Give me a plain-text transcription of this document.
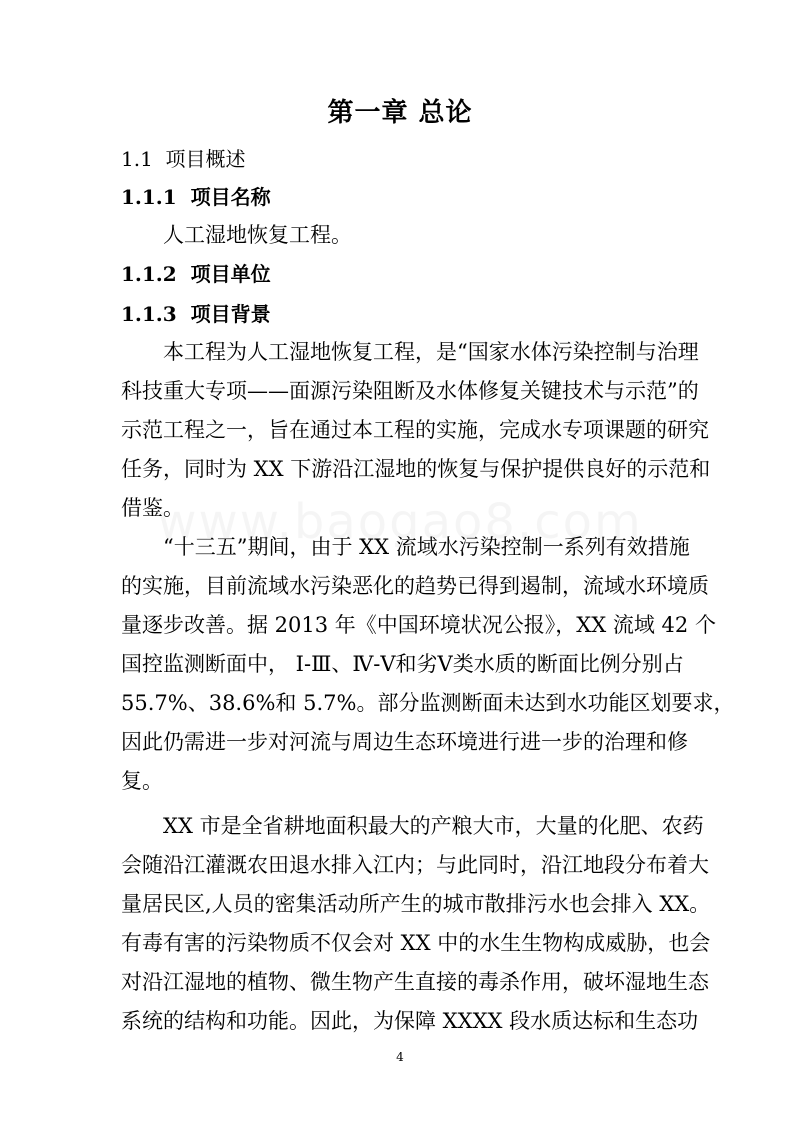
第一章 总论
1.1 项目概述
1.1.1 项目名称
人工湿地恢复工程。
1.1.2 项目单位
1.1.3 项目背景
本工程为人工湿地恢复工程，是“国家水体污染控制与治理
科技重大专项——面源污染阻断及水体修复关键技术与示范”的
示范工程之一，旨在通过本工程的实施，完成水专项课题的研究
任务，同时为 XX 下游沿江湿地的恢复与保护提供良好的示范和
借鉴。
“十三五”期间，由于 XX 流域水污染控制一系列有效措施
的实施，目前流域水污染恶化的趋势已得到遏制，流域水环境质
量逐步改善。据 2013 年《中国环境状况公报》，XX 流域 42 个
国控监测断面中， Ⅰ-Ⅲ、Ⅳ-Ⅴ和劣Ⅴ类水质的断面比例分别占
55.7%、38.6%和 5.7%。部分监测断面未达到水功能区划要求，
因此仍需进一步对河流与周边生态环境进行进一步的治理和修
复。
XX 市是全省耕地面积最大的产粮大市，大量的化肥、农药
会随沿江灌溉农田退水排入江内；与此同时，沿江地段分布着大
量居民区,人员的密集活动所产生的城市散排污水也会排入 XX。
有毒有害的污染物质不仅会对 XX 中的水生生物构成威胁，也会
对沿江湿地的植物、微生物产生直接的毒杀作用，破坏湿地生态
系统的结构和功能。因此，为保障 XXXX 段水质达标和生态功
4
